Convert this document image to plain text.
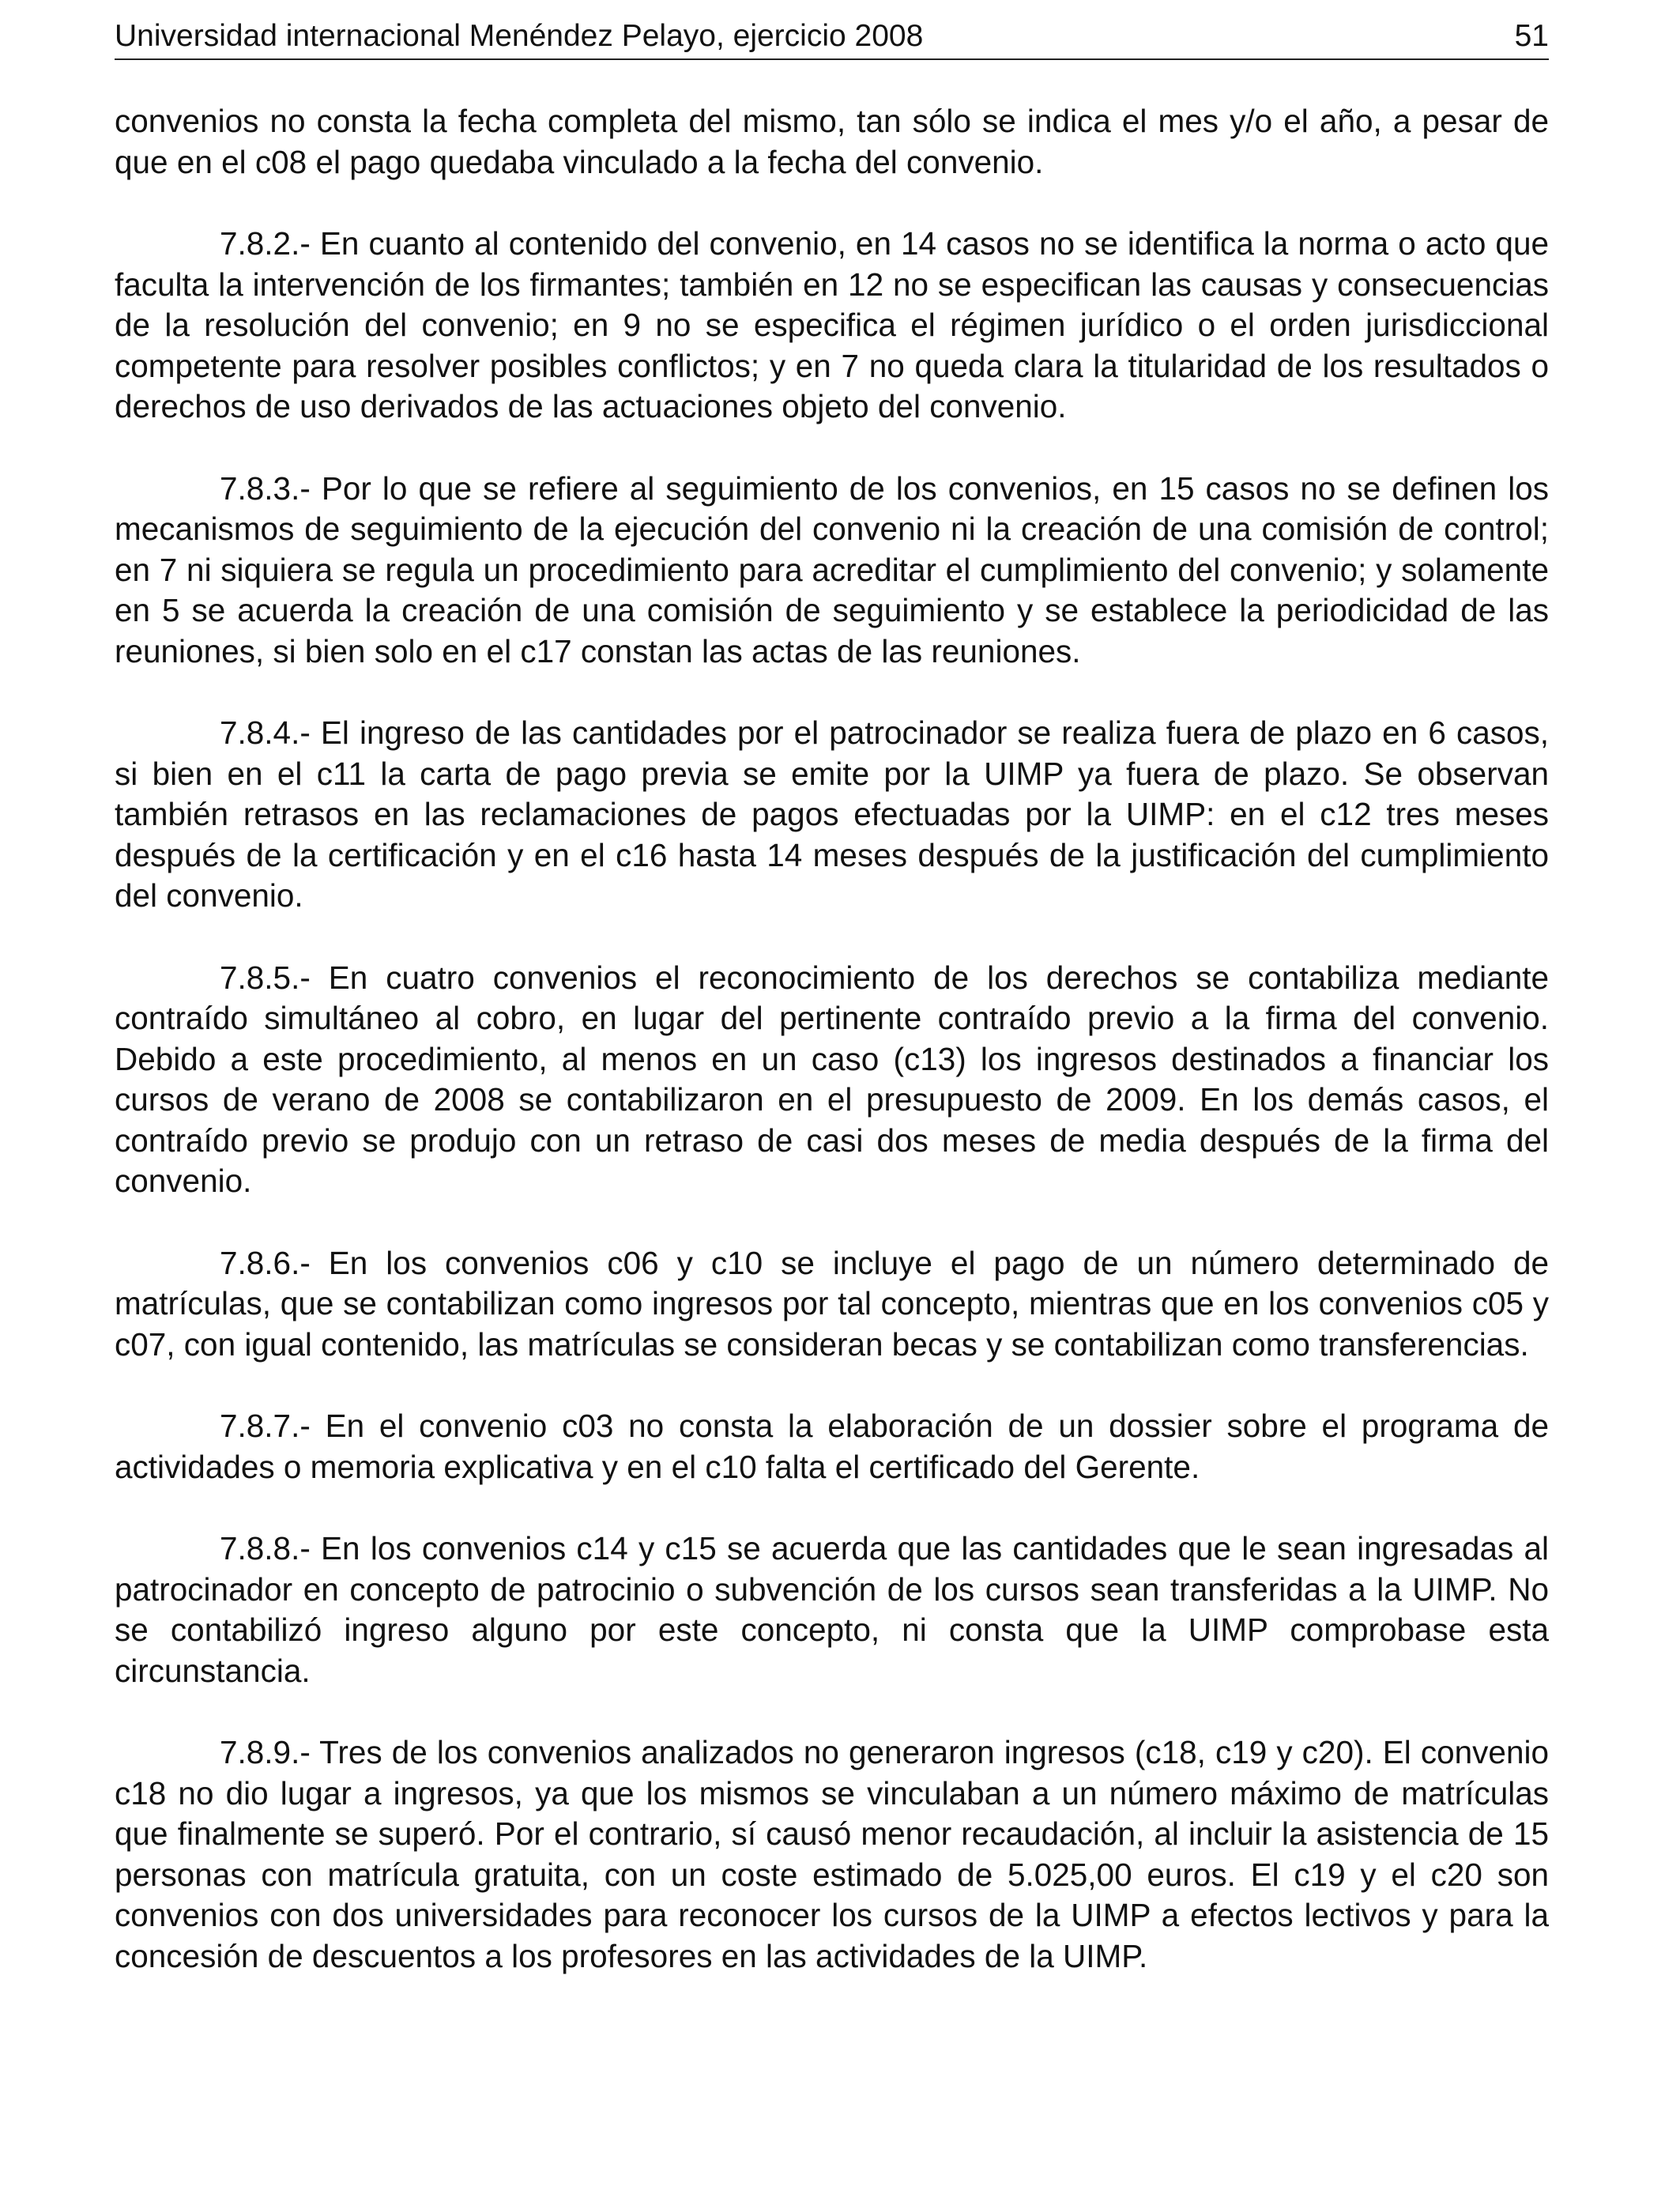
Universidad internacional Menéndez Pelayo, ejercicio 2008	51

convenios no consta la fecha completa del mismo, tan sólo se indica el mes y/o el año, a pesar de que en el c08 el pago quedaba vinculado a la fecha del convenio.

7.8.2.- En cuanto al contenido del convenio, en 14 casos no se identifica la norma o acto que faculta la intervención de los firmantes; también en 12 no se especifican las causas y consecuencias de la resolución del convenio; en 9 no se especifica el régimen jurídico o el orden jurisdiccional competente para resolver posibles conflictos; y en 7 no queda clara la titularidad de los resultados o derechos de uso derivados de las actuaciones objeto del convenio.

7.8.3.- Por lo que se refiere al seguimiento de los convenios, en 15 casos no se definen los mecanismos de seguimiento de la ejecución del convenio ni la creación de una comisión de control; en 7 ni siquiera se regula un procedimiento para acreditar el cumplimiento del convenio; y solamente en 5 se acuerda la creación de una comisión de seguimiento y se establece la periodicidad de las reuniones, si bien solo en el c17 constan las actas de las reuniones.

7.8.4.- El ingreso de las cantidades por el patrocinador se realiza fuera de plazo en 6 casos, si bien en el c11 la carta de pago previa se emite por la UIMP ya fuera de plazo. Se observan también retrasos en las reclamaciones de pagos efectuadas por la UIMP: en el c12 tres meses después de la certificación y en el c16 hasta 14 meses después de la justificación del cumplimiento del convenio.

7.8.5.- En cuatro convenios el reconocimiento de los derechos se contabiliza mediante contraído simultáneo al cobro, en lugar del pertinente contraído previo a la firma del convenio. Debido a este procedimiento, al menos en un caso (c13) los ingresos destinados a financiar los cursos de verano de 2008 se contabilizaron en el presupuesto de 2009. En los demás casos, el contraído previo se produjo con un retraso de casi dos meses de media después de la firma del convenio.

7.8.6.- En los convenios c06 y c10 se incluye el pago de un número determinado de matrículas, que se contabilizan como ingresos por tal concepto, mientras que en los convenios c05 y c07, con igual contenido, las matrículas se consideran becas y se contabilizan como transferencias.

7.8.7.- En el convenio c03 no consta la elaboración de un dossier sobre el programa de actividades o memoria explicativa y en el c10 falta el certificado del Gerente.

7.8.8.- En los convenios c14 y c15 se acuerda que las cantidades que le sean ingresadas al patrocinador en concepto de patrocinio o subvención de los cursos sean transferidas a la UIMP. No se contabilizó ingreso alguno por este concepto, ni consta que la UIMP comprobase esta circunstancia.

7.8.9.- Tres de los convenios analizados no generaron ingresos (c18, c19 y c20). El convenio c18 no dio lugar a ingresos, ya que los mismos se vinculaban a un número máximo de matrículas que finalmente se superó. Por el contrario, sí causó menor recaudación, al incluir la asistencia de 15 personas con matrícula gratuita, con un coste estimado de 5.025,00 euros. El c19 y el c20 son convenios con dos universidades para reconocer los cursos de la UIMP a efectos lectivos y para la concesión de descuentos a los profesores en las actividades de la UIMP.
